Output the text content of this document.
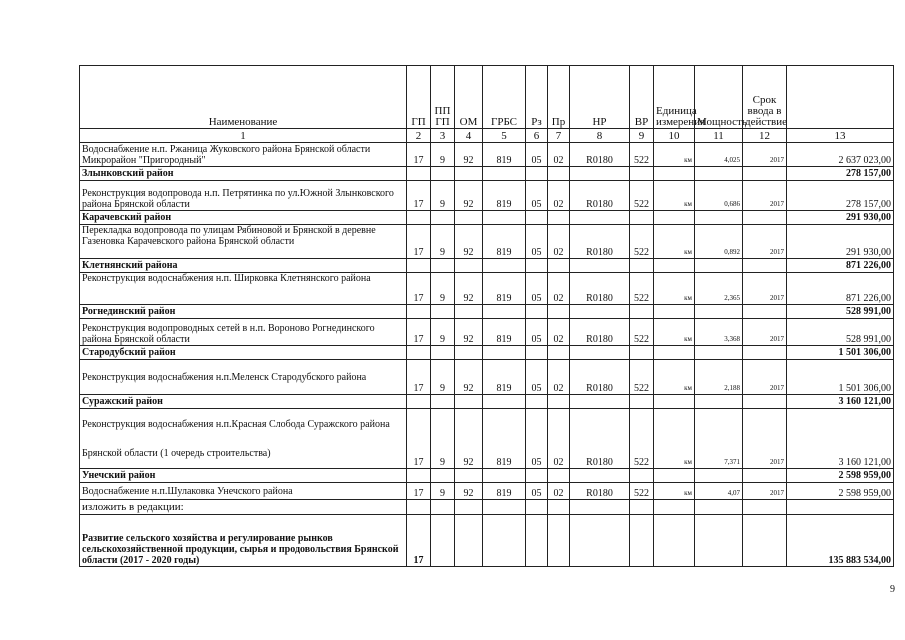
Наименование	ГП	ПП ГП	ОМ	ГРБС	Рз	Пр	НР	ВР	Единица измерения	Мощность	Срок ввода в действие	
1	2	3	4	5	6	7	8	9	10	11	12	13
Водоснабжение н.п. Ржаница Жуковского района Брянской области Микрорайон "Пригородный"	17	9	92	819	05	02	R0180	522	км	4,025	2017	2 637 023,00
Злынковский район												278 157,00
Реконструкция водопровода н.п. Петрятинка по ул.Южной Злынковского района Брянской области	17	9	92	819	05	02	R0180	522	км	0,686	2017	278 157,00
Карачевский район												291 930,00
Перекладка водопровода по улицам Рябиновой и Брянской в деревне Газеновка Карачевского района Брянской области	17	9	92	819	05	02	R0180	522	км	0,892	2017	291 930,00
Клетнянский района												871 226,00
Реконструкция водоснабжения н.п. Ширковка Клетнянского района	17	9	92	819	05	02	R0180	522	км	2,365	2017	871 226,00
Рогнединский район												528 991,00
Реконструкция водопроводных сетей в н.п. Вороново Рогнединского района Брянской области	17	9	92	819	05	02	R0180	522	км	3,368	2017	528 991,00
Стародубский район												1 501 306,00
Реконструкция водоснабжения н.п.Меленск Стародубского района	17	9	92	819	05	02	R0180	522	км	2,188	2017	1 501 306,00
Суражский район												3 160 121,00
Реконструкция водоснабжения н.п.Красная Слобода Суражского района Брянской области (1 очередь строительства)	17	9	92	819	05	02	R0180	522	км	7,371	2017	3 160 121,00
Унечский район												2 598 959,00
Водоснабжение н.п.Шулаковка Унечского района	17	9	92	819	05	02	R0180	522	км	4,07	2017	2 598 959,00
изложить в редакции:												
Развитие сельского хозяйства и регулирование рынков сельскохозяйственной продукции, сырья и продовольствия Брянской области (2017 - 2020 годы)	17											135 883 534,00
9
